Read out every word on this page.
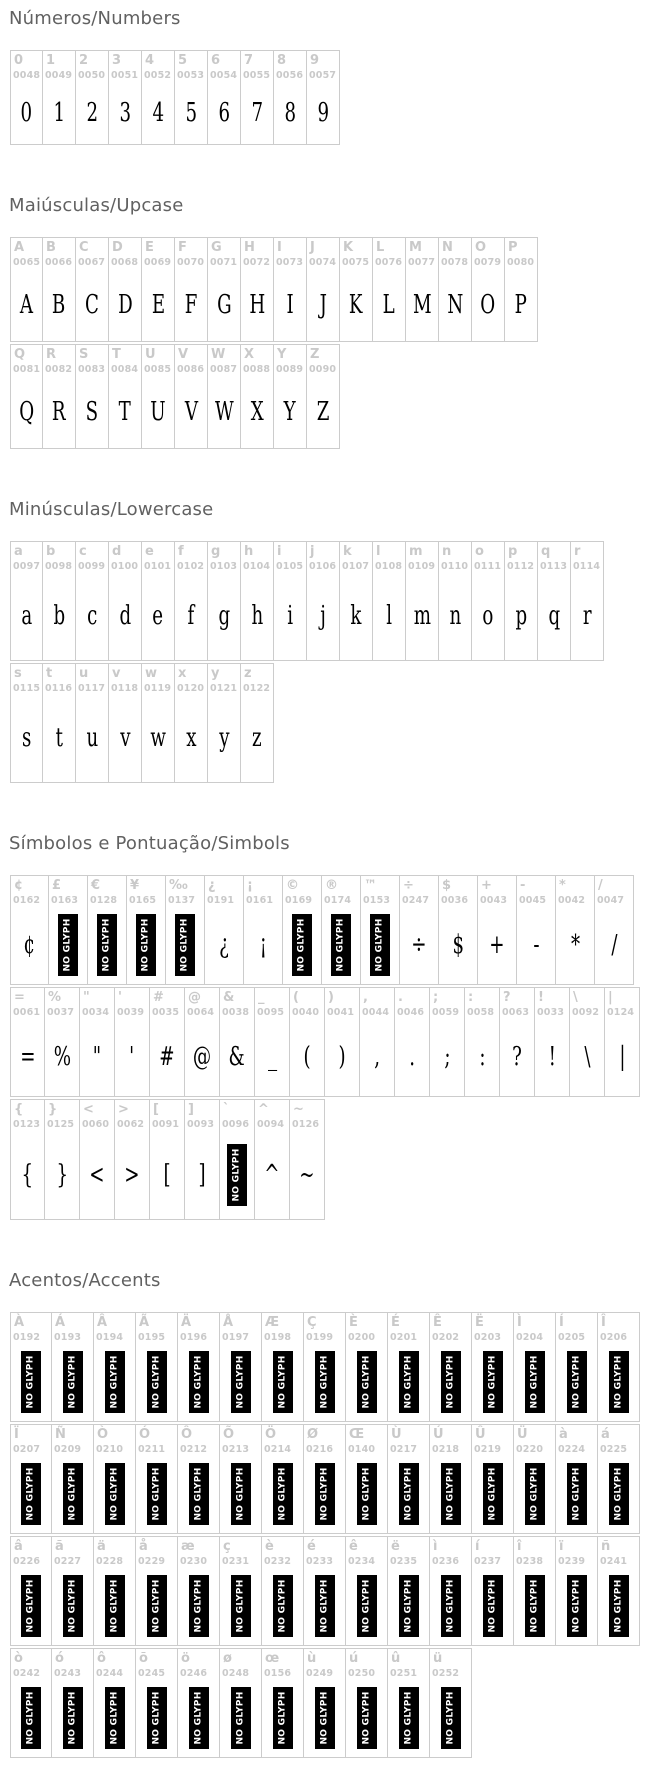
Números/Numbers
0
0048
0
1
0049
1
2
0050
2
3
0051
3
4
0052
4
5
0053
5
6
0054
6
7
0055
7
8
0056
8
9
0057
9
Maiúsculas/Upcase
A
0065
A
B
0066
B
C
0067
C
D
0068
D
E
0069
E
F
0070
F
G
0071
G
H
0072
H
I
0073
I
J
0074
J
K
0075
K
L
0076
L
M
0077
M
N
0078
N
O
0079
O
P
0080
P
Q
0081
Q
R
0082
R
S
0083
S
T
0084
T
U
0085
U
V
0086
V
W
0087
W
X
0088
X
Y
0089
Y
Z
0090
Z
Minúsculas/Lowercase
a
0097
a
b
0098
b
c
0099
c
d
0100
d
e
0101
e
f
0102
f
g
0103
g
h
0104
h
i
0105
i
j
0106
j
k
0107
k
l
0108
l
m
0109
m
n
0110
n
o
0111
o
p
0112
p
q
0113
q
r
0114
r
s
0115
s
t
0116
t
u
0117
u
v
0118
v
w
0119
w
x
0120
x
y
0121
y
z
0122
z
Símbolos e Pontuação/Simbols
¢
0162
¢
£
0163
NO GLYPH
€
0128
NO GLYPH
¥
0165
NO GLYPH
‰
0137
NO GLYPH
¿
0191
¿
¡
0161
¡
©
0169
NO GLYPH
®
0174
NO GLYPH
™
0153
NO GLYPH
÷
0247
÷
$
0036
$
+
0043
+
-
0045
-
*
0042
*
/
0047
/
=
0061
=
%
0037
%
"
0034
"
'
0039
'
#
0035
#
@
0064
@
&
0038
&
_
0095
_
(
0040
(
)
0041
)
,
0044
,
.
0046
.
;
0059
;
:
0058
:
?
0063
?
!
0033
!
\
0092
\
|
0124
|
{
0123
{
}
0125
}
<
0060
<
>
0062
>
[
0091
[
]
0093
]
`
0096
NO GLYPH
^
0094
^
~
0126
~
Acentos/Accents
À
0192
NO GLYPH
Á
0193
NO GLYPH
Â
0194
NO GLYPH
Ã
0195
NO GLYPH
Ä
0196
NO GLYPH
Å
0197
NO GLYPH
Æ
0198
NO GLYPH
Ç
0199
NO GLYPH
È
0200
NO GLYPH
É
0201
NO GLYPH
Ê
0202
NO GLYPH
Ë
0203
NO GLYPH
Ì
0204
NO GLYPH
Í
0205
NO GLYPH
Î
0206
NO GLYPH
Ï
0207
NO GLYPH
Ñ
0209
NO GLYPH
Ò
0210
NO GLYPH
Ó
0211
NO GLYPH
Ô
0212
NO GLYPH
Õ
0213
NO GLYPH
Ö
0214
NO GLYPH
Ø
0216
NO GLYPH
Œ
0140
NO GLYPH
Ù
0217
NO GLYPH
Ú
0218
NO GLYPH
Û
0219
NO GLYPH
Ü
0220
NO GLYPH
à
0224
NO GLYPH
á
0225
NO GLYPH
â
0226
NO GLYPH
ã
0227
NO GLYPH
ä
0228
NO GLYPH
å
0229
NO GLYPH
æ
0230
NO GLYPH
ç
0231
NO GLYPH
è
0232
NO GLYPH
é
0233
NO GLYPH
ê
0234
NO GLYPH
ë
0235
NO GLYPH
ì
0236
NO GLYPH
í
0237
NO GLYPH
î
0238
NO GLYPH
ï
0239
NO GLYPH
ñ
0241
NO GLYPH
ò
0242
NO GLYPH
ó
0243
NO GLYPH
ô
0244
NO GLYPH
õ
0245
NO GLYPH
ö
0246
NO GLYPH
ø
0248
NO GLYPH
œ
0156
NO GLYPH
ù
0249
NO GLYPH
ú
0250
NO GLYPH
û
0251
NO GLYPH
ü
0252
NO GLYPH
